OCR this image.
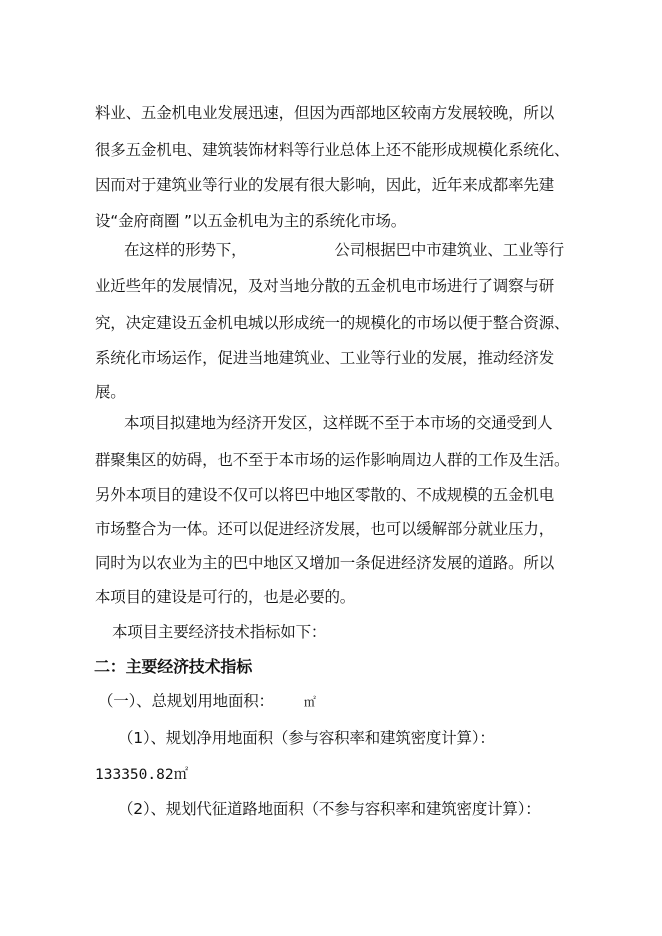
料业、五金机电业发展迅速，但因为西部地区较南方发展较晚，所以
很多五金机电、建筑装饰材料等行业总体上还不能形成规模化系统化、
因而对于建筑业等行业的发展有很大影响，因此，近年来成都率先建
设“金府商圈 ”以五金机电为主的系统化市场。
在这样的形势下，	公司根据巴中市建筑业、工业等行
业近些年的发展情况，及对当地分散的五金机电市场进行了调察与研
究，决定建设五金机电城以形成统一的规模化的市场以便于整合资源、
系统化市场运作，促进当地建筑业、工业等行业的发展，推动经济发
展。
本项目拟建地为经济开发区，这样既不至于本市场的交通受到人
群聚集区的妨碍，也不至于本市场的运作影响周边人群的工作及生活。
另外本项目的建设不仅可以将巴中地区零散的、不成规模的五金机电
市场整合为一体。还可以促进经济发展，也可以缓解部分就业压力，
同时为以农业为主的巴中地区又增加一条促进经济发展的道路。所以
本项目的建设是可行的，也是必要的。
本项目主要经济技术指标如下：
二：主要经济技术指标
（一）、总规划用地面积：	㎡
（1）、规划净用地面积（参与容积率和建筑密度计算）：
133350.82㎡
（2）、规划代征道路地面积（不参与容积率和建筑密度计算）：
